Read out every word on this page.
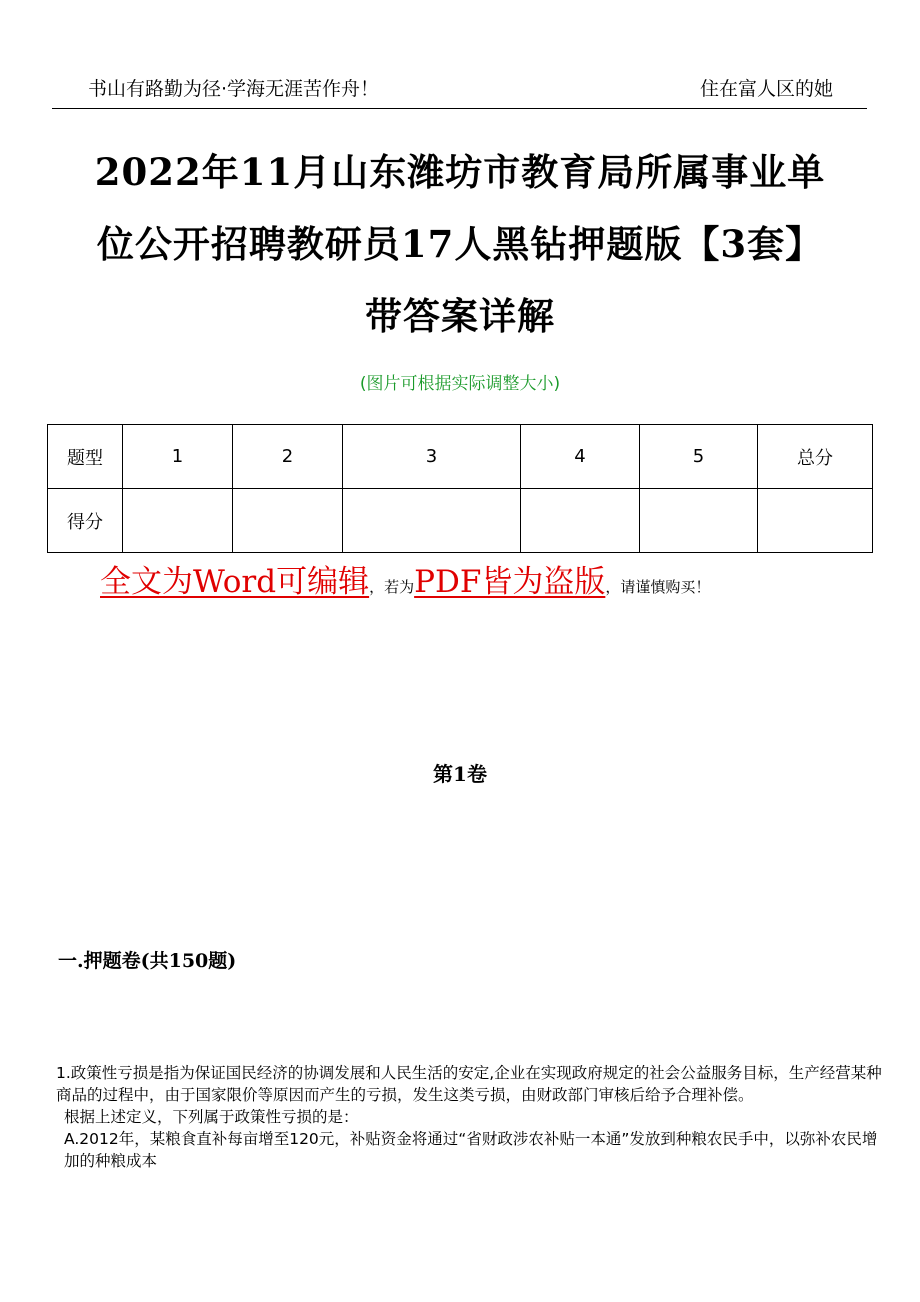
书山有路勤为径·学海无涯苦作舟！	住在富人区的她
2022年11月山东潍坊市教育局所属事业单
位公开招聘教研员17人黑钻押题版【3套】
带答案详解
(图片可根据实际调整大小)
题型	1	2	3	4	5	总分
得分						
全文为Word可编辑，若为PDF皆为盗版，请谨慎购买！
第1卷
一.押题卷(共150题)

1.政策性亏损是指为保证国民经济的协调发展和人民生活的安定,企业在实现政府规定的社会公益服务目标，生产经营某种商品的过程中，由于国家限价等原因而产生的亏损，发生这类亏损，由财政部门审核后给予合理补偿。

根据上述定义，下列属于政策性亏损的是：

A.2012年，某粮食直补每亩增至120元，补贴资金将通过“省财政涉农补贴一本通”发放到种粮农民手中，以弥补农民增加的种粮成本
